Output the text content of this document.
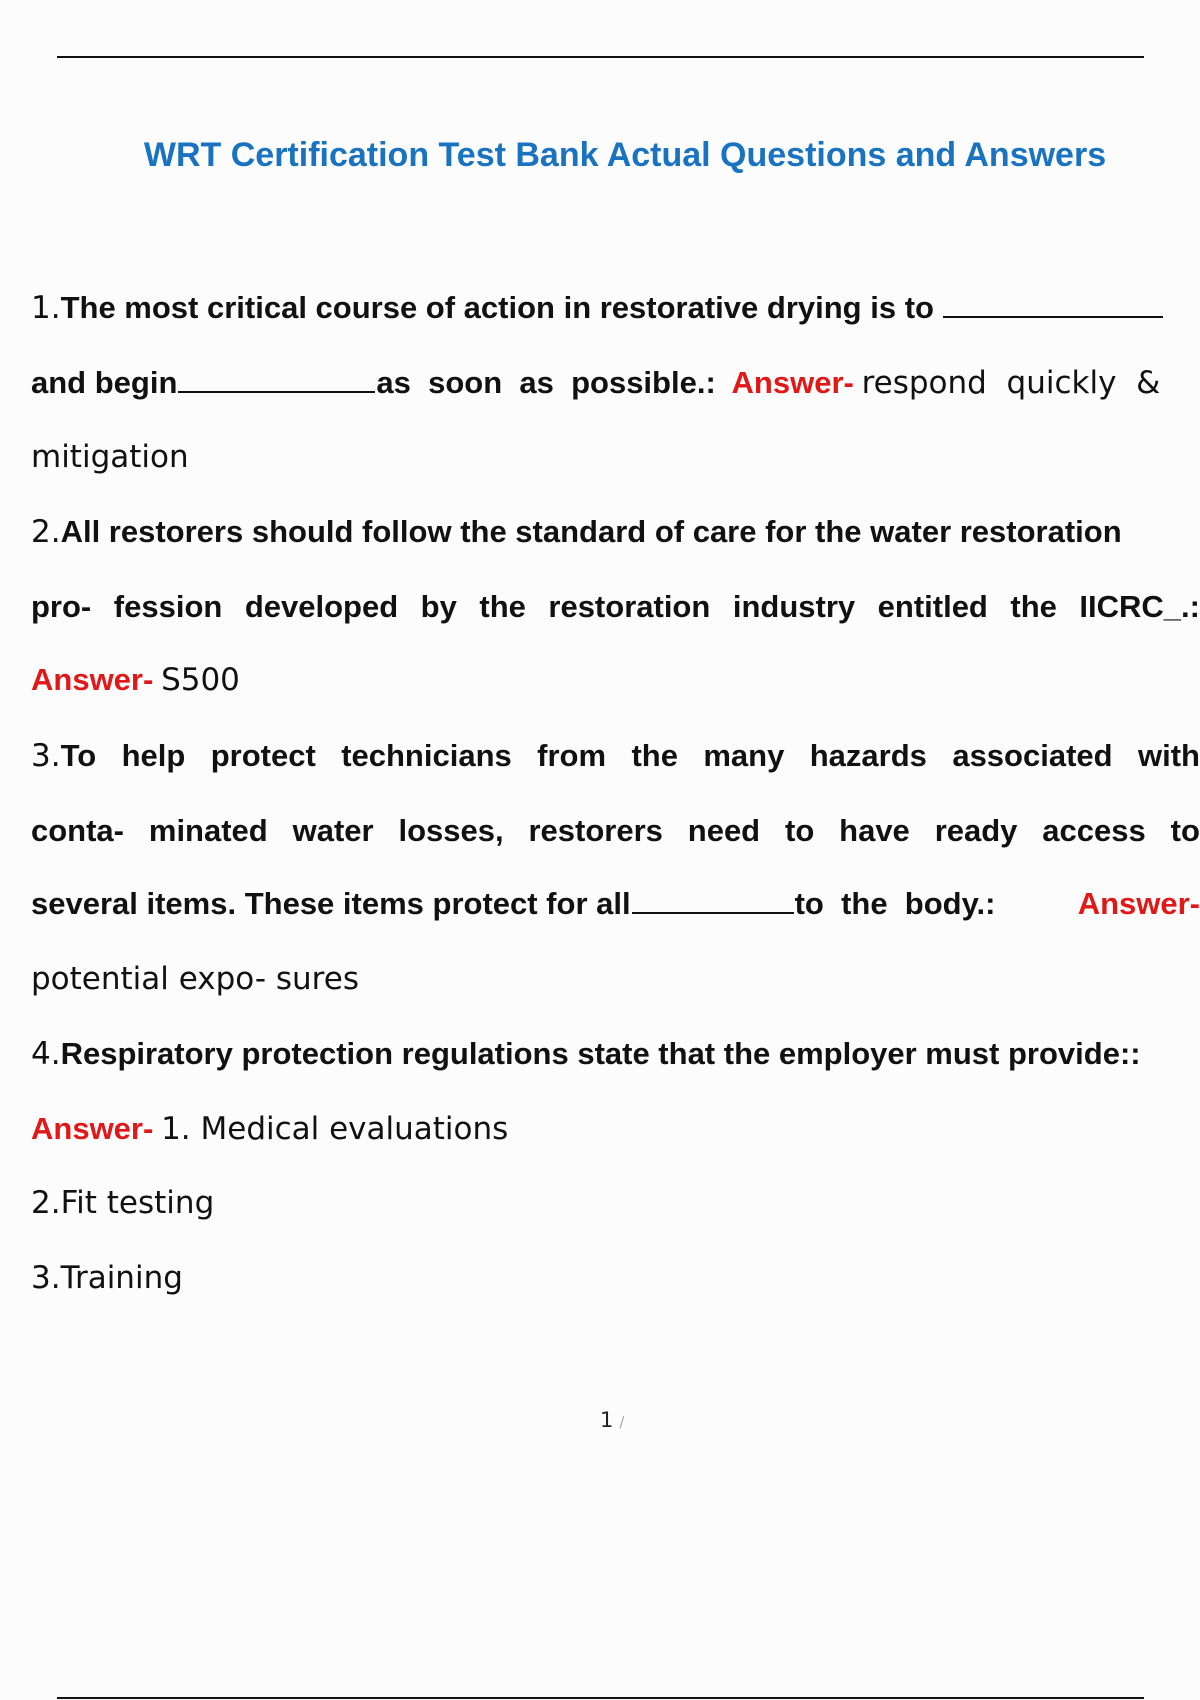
WRT Certification Test Bank Actual Questions and Answers
1.The most critical course of action in restorative drying is to
and begin	as  soon  as  possible.: Answer- respond  quickly  &
mitigation
2.All restorers should follow the standard of care for the water restoration
pro- fession developed by the restoration industry entitled the IICRC_.:
Answer- S500
3.To help protect technicians from the many hazards associated with
conta- minated water losses, restorers need to have ready access to
several items. These items protect for all	to  the  body.:	Answer-
potential expo- sures
4.Respiratory protection regulations state that the employer must provide::
Answer- 1. Medical evaluations
2.Fit testing
3.Training
1 /
